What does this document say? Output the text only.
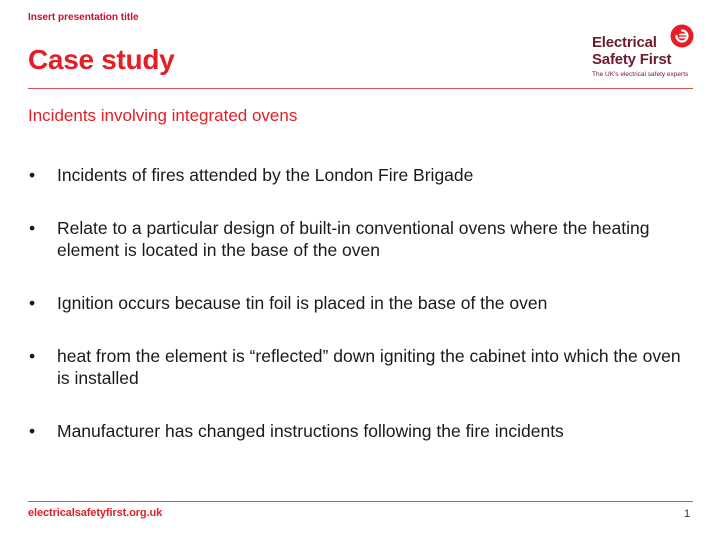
Insert presentation title
Case study
Electrical
Safety First
The UK's electrical safety experts
Incidents involving integrated ovens
• Incidents of fires attended by the London Fire Brigade
• Relate to a particular design of built-in conventional ovens where the heating element is located in the base of the oven
• Ignition occurs because tin foil is placed in the base of the oven
• heat from the element is “reflected” down igniting the cabinet into which the oven is installed
• Manufacturer has changed instructions following the fire incidents
electricalsafetyfirst.org.uk	1
